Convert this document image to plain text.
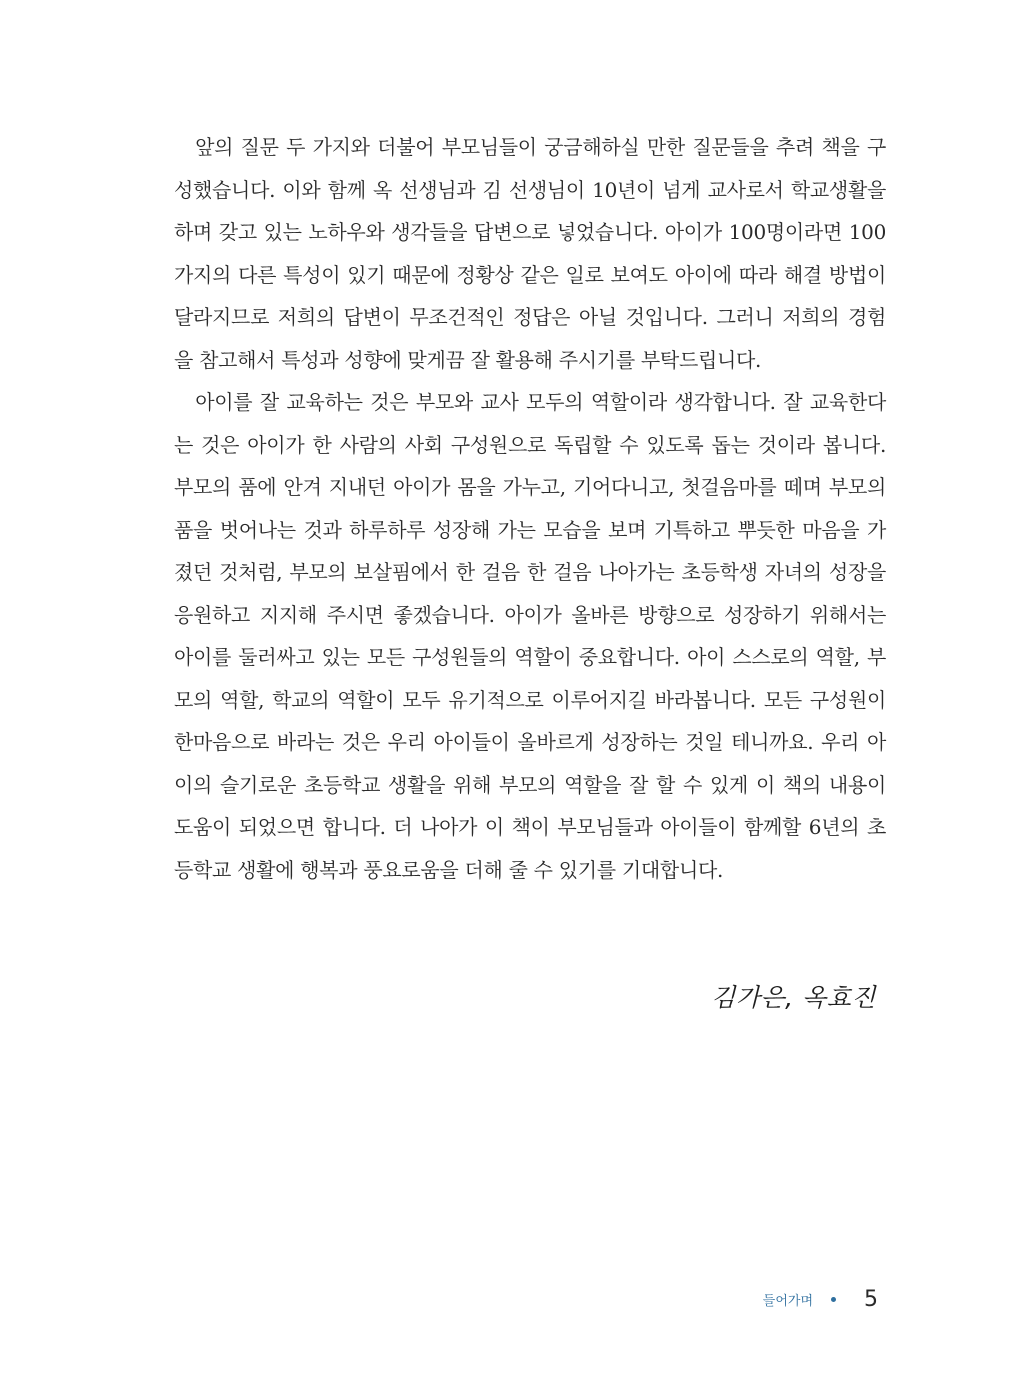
　앞의 질문 두 가지와 더불어 부모님들이 궁금해하실 만한 질문들을 추려 책을 구
성했습니다. 이와 함께 옥 선생님과 김 선생님이 10년이 넘게 교사로서 학교생활을
하며 갖고 있는 노하우와 생각들을 답변으로 넣었습니다. 아이가 100명이라면 100
가지의 다른 특성이 있기 때문에 정황상 같은 일로 보여도 아이에 따라 해결 방법이
달라지므로 저희의 답변이 무조건적인 정답은 아닐 것입니다. 그러니 저희의 경험
을 참고해서 특성과 성향에 맞게끔 잘 활용해 주시기를 부탁드립니다.
　아이를 잘 교육하는 것은 부모와 교사 모두의 역할이라 생각합니다. 잘 교육한다
는 것은 아이가 한 사람의 사회 구성원으로 독립할 수 있도록 돕는 것이라 봅니다.
부모의 품에 안겨 지내던 아이가 몸을 가누고, 기어다니고, 첫걸음마를 떼며 부모의
품을 벗어나는 것과 하루하루 성장해 가는 모습을 보며 기특하고 뿌듯한 마음을 가
졌던 것처럼, 부모의 보살핌에서 한 걸음 한 걸음 나아가는 초등학생 자녀의 성장을
응원하고 지지해 주시면 좋겠습니다. 아이가 올바른 방향으로 성장하기 위해서는
아이를 둘러싸고 있는 모든 구성원들의 역할이 중요합니다. 아이 스스로의 역할, 부
모의 역할, 학교의 역할이 모두 유기적으로 이루어지길 바라봅니다. 모든 구성원이
한마음으로 바라는 것은 우리 아이들이 올바르게 성장하는 것일 테니까요. 우리 아
이의 슬기로운 초등학교 생활을 위해 부모의 역할을 잘 할 수 있게 이 책의 내용이
도움이 되었으면 합니다. 더 나아가 이 책이 부모님들과 아이들이 함께할 6년의 초
등학교 생활에 행복과 풍요로움을 더해 줄 수 있기를 기대합니다.
김가은, 옥효진
들어가며 5
